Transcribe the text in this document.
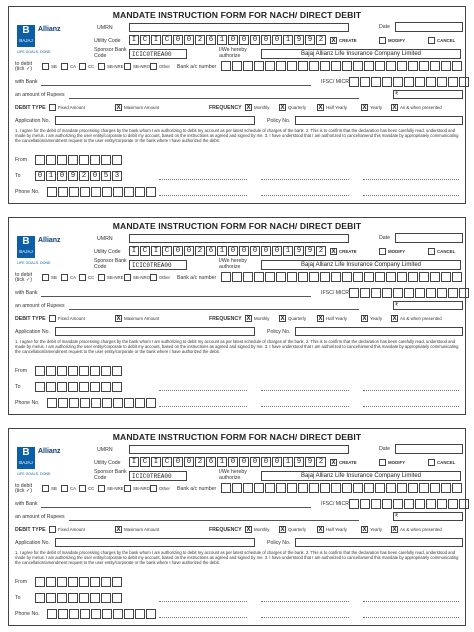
MANDATE INSTRUCTION FORM FOR NACH/ DIRECT DEBIT
B
BAJAJ
Allianz
LIFE GOALS. DONE.
UMRN	Date
Utility Code	I C I C 0 0 2 6 1 0 0 0 0 0 1 9 9 2	X CREATE	MODIFY	CANCEL
Sponsor Bank Code	ICIC0TREA00
I/We hereby authorize	Bajaj Allianz Life Insurance Company Limited
to debit (tick ✓)	SB	CA	CC	SB-NRE SB-NRO Other Bank a/c number
with Bank	IFSC/ MICR
an amount of Rupees	₹
DEBIT TYPE	Fixed Amount	X Maximum Amount	FREQUENCY X Monthly X Quarterly X Half Yearly	X Yearly X As & when presented
Application No.	Policy No.
1. I agree for the debit of mandate processing charges by the bank whom I am authorizing to debit my account as per latest schedule of charges of the bank. 2. This is to confirm that the declaration has been carefully read, understood and made by me/us. I am authorizing the user entity/corporate to debit my account, based on the instructions as agreed and signed by me. 3. I have understood that I am authorized to cancel/amend this mandate by appropriately communicating the cancellation/amendment request to the user entity/corporate or the bank where I have authorized the debit.
From
To	0 1 0 9 2 0 5 3
Phone No.
MANDATE INSTRUCTION FORM FOR NACH/ DIRECT DEBIT
B
BAJAJ
Allianz
LIFE GOALS. DONE.
UMRN	Date
Utility Code	I C I C 0 0 2 6 1 0 0 0 0 0 1 9 9 2	X CREATE	MODIFY	CANCEL
Sponsor Bank Code	ICIC0TREA00
I/We hereby authorize	Bajaj Allianz Life Insurance Company Limited
to debit (tick ✓)	SB	CA	CC	SB-NRE SB-NRO Other Bank a/c number
with Bank	IFSC/ MICR
an amount of Rupees	₹
DEBIT TYPE	Fixed Amount	X Maximum Amount	FREQUENCY X Monthly X Quarterly X Half Yearly	X Yearly X As & when presented
Application No.	Policy No.
1. I agree for the debit of mandate processing charges by the bank whom I am authorizing to debit my account as per latest schedule of charges of the bank. 2. This is to confirm that the declaration has been carefully read, understood and made by me/us. I am authorizing the user entity/corporate to debit my account, based on the instructions as agreed and signed by me. 3. I have understood that I am authorized to cancel/amend this mandate by appropriately communicating the cancellation/amendment request to the user entity/corporate or the bank where I have authorized the debit.
From
To
Phone No.
MANDATE INSTRUCTION FORM FOR NACH/ DIRECT DEBIT
B
BAJAJ
Allianz
LIFE GOALS. DONE.
UMRN	Date
Utility Code	I C I C 0 0 2 6 1 0 0 0 0 0 1 9 9 2	X CREATE	MODIFY	CANCEL
Sponsor Bank Code	ICIC0TREA00
I/We hereby authorize	Bajaj Allianz Life Insurance Company Limited
to debit (tick ✓)	SB	CA	CC	SB-NRE SB-NRO Other Bank a/c number
with Bank	IFSC/ MICR
an amount of Rupees	₹
DEBIT TYPE	Fixed Amount	X Maximum Amount	FREQUENCY X Monthly X Quarterly X Half Yearly	X Yearly X As & when presented
Application No.	Policy No.
1. I agree for the debit of mandate processing charges by the bank whom I am authorizing to debit my account as per latest schedule of charges of the bank. 2. This is to confirm that the declaration has been carefully read, understood and made by me/us. I am authorizing the user entity/corporate to debit my account, based on the instructions as agreed and signed by me. 3. I have understood that I am authorized to cancel/amend this mandate by appropriately communicating the cancellation/amendment request to the user entity/corporate or the bank where I have authorized the debit.
From
To
Phone No.
